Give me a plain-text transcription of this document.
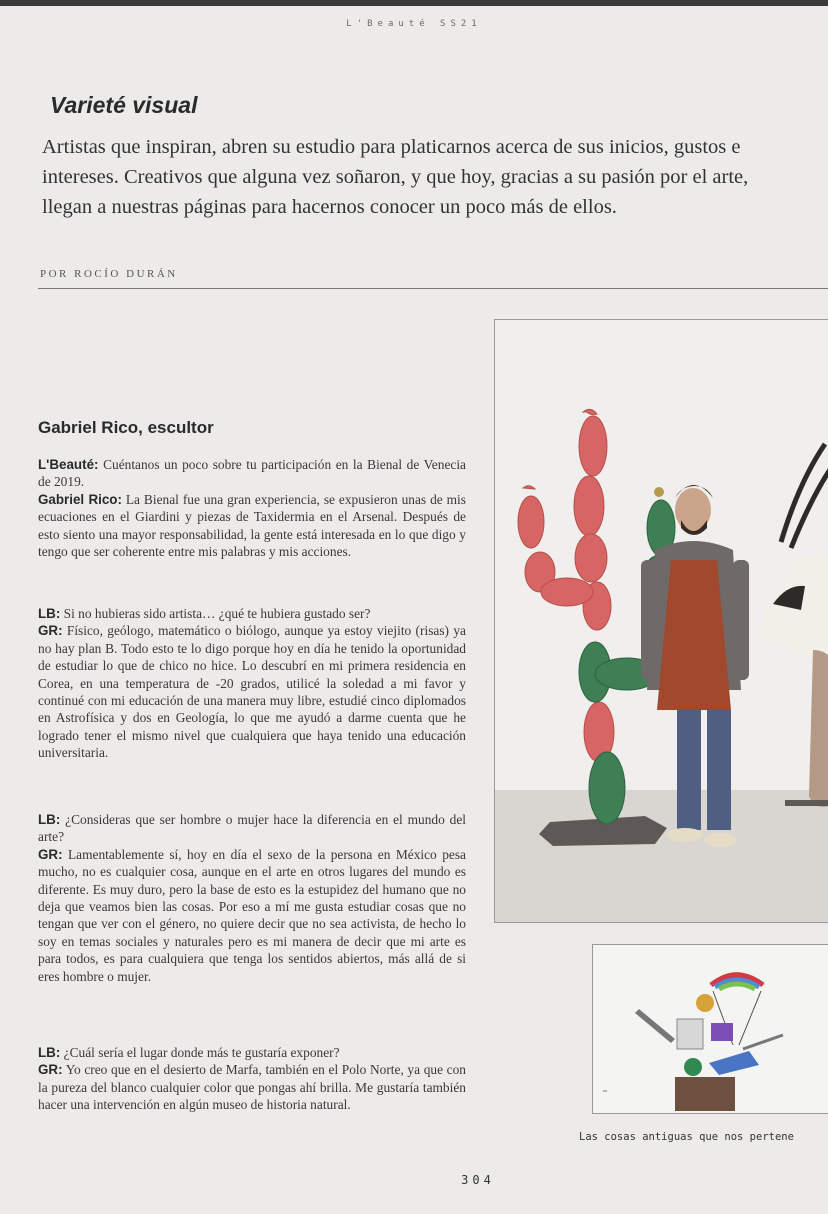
L'Beauté SS21
Varieté visual

Artistas que inspiran, abren su estudio para platicarnos acerca de sus inicios, gustos e intereses. Creativos que alguna vez soñaron, y que hoy, gracias a su pasión por el arte, llegan a nuestras páginas para hacernos conocer un poco más de ellos.

POR ROCÍO DURÁN
Gabriel Rico, escultor

L'Beauté: Cuéntanos un poco sobre tu participación en la Bienal de Venecia de 2019.

Gabriel Rico: La Bienal fue una gran experiencia, se expusieron unas de mis ecuaciones en el Giardini y piezas de Taxidermia en el Arsenal. Después de esto siento una mayor responsabilidad, la gente está interesada en lo que digo y tengo que ser coherente entre mis palabras y mis acciones.

LB: Si no hubieras sido artista… ¿qué te hubiera gustado ser?

GR: Físico, geólogo, matemático o biólogo, aunque ya estoy viejito (risas) ya no hay plan B. Todo esto te lo digo porque hoy en día he tenido la oportunidad de estudiar lo que de chico no hice. Lo descubrí en mi primera residencia en Corea, en una temperatura de -20 grados, utilicé la soledad a mi favor y continué con mi educación de una manera muy libre, estudié cinco diplomados en Astrofísica y dos en Geología, lo que me ayudó a darme cuenta que he logrado tener el mismo nivel que cualquiera que haya tenido una educación universitaria.

LB: ¿Consideras que ser hombre o mujer hace la diferencia en el mundo del arte?

GR: Lamentablemente sí, hoy en día el sexo de la persona en México pesa mucho, no es cualquier cosa, aunque en el arte en otros lugares del mundo es diferente. Es muy duro, pero la base de esto es la estupidez del humano que no deja que veamos bien las cosas. Por eso a mí me gusta estudiar cosas que no tengan que ver con el género, no quiere decir que no sea activista, de hecho lo soy en temas sociales y naturales pero es mi manera de decir que mi arte es para todos, es para cualquiera que tenga los sentidos abiertos, más allá de si eres hombre o mujer.

LB: ¿Cuál sería el lugar donde más te gustaría exponer?

GR: Yo creo que en el desierto de Marfa, también en el Polo Norte, ya que con la pureza del blanco cualquier color que pongas ahí brilla. Me gustaría también hacer una intervención en algún museo de historia natural.

Las cosas antiguas que nos pertene
304
